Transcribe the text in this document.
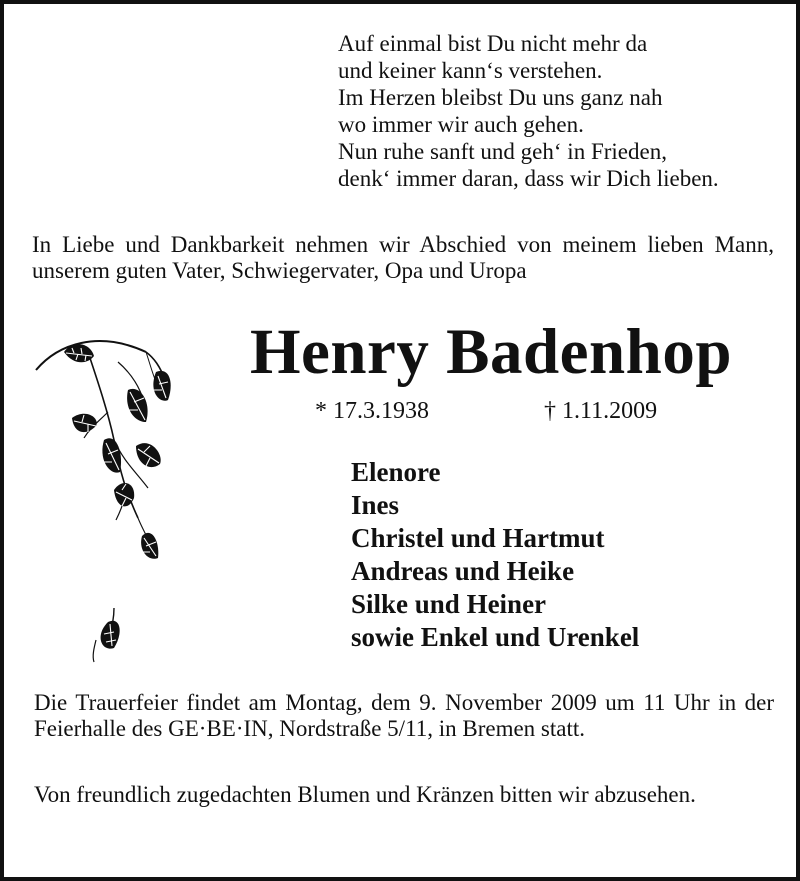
Auf einmal bist Du nicht mehr da
und keiner kann‘s verstehen.
Im Herzen bleibst Du uns ganz nah
wo immer wir auch gehen.
Nun ruhe sanft und geh‘ in Frieden,
denk‘ immer daran, dass wir Dich lieben.
In Liebe und Dankbarkeit nehmen wir Abschied von meinem lieben Mann, unserem guten Vater, Schwiegervater, Opa und Uropa
Henry Badenhop
* 17.3.1938	† 1.11.2009
Elenore
Ines
Christel und Hartmut
Andreas und Heike
Silke und Heiner
sowie Enkel und Urenkel
Die Trauerfeier findet am Montag, dem 9. November 2009 um 11 Uhr in der Feierhalle des GE·BE·IN, Nordstraße 5/11, in Bremen statt.
Von freundlich zugedachten Blumen und Kränzen bitten wir abzusehen.
